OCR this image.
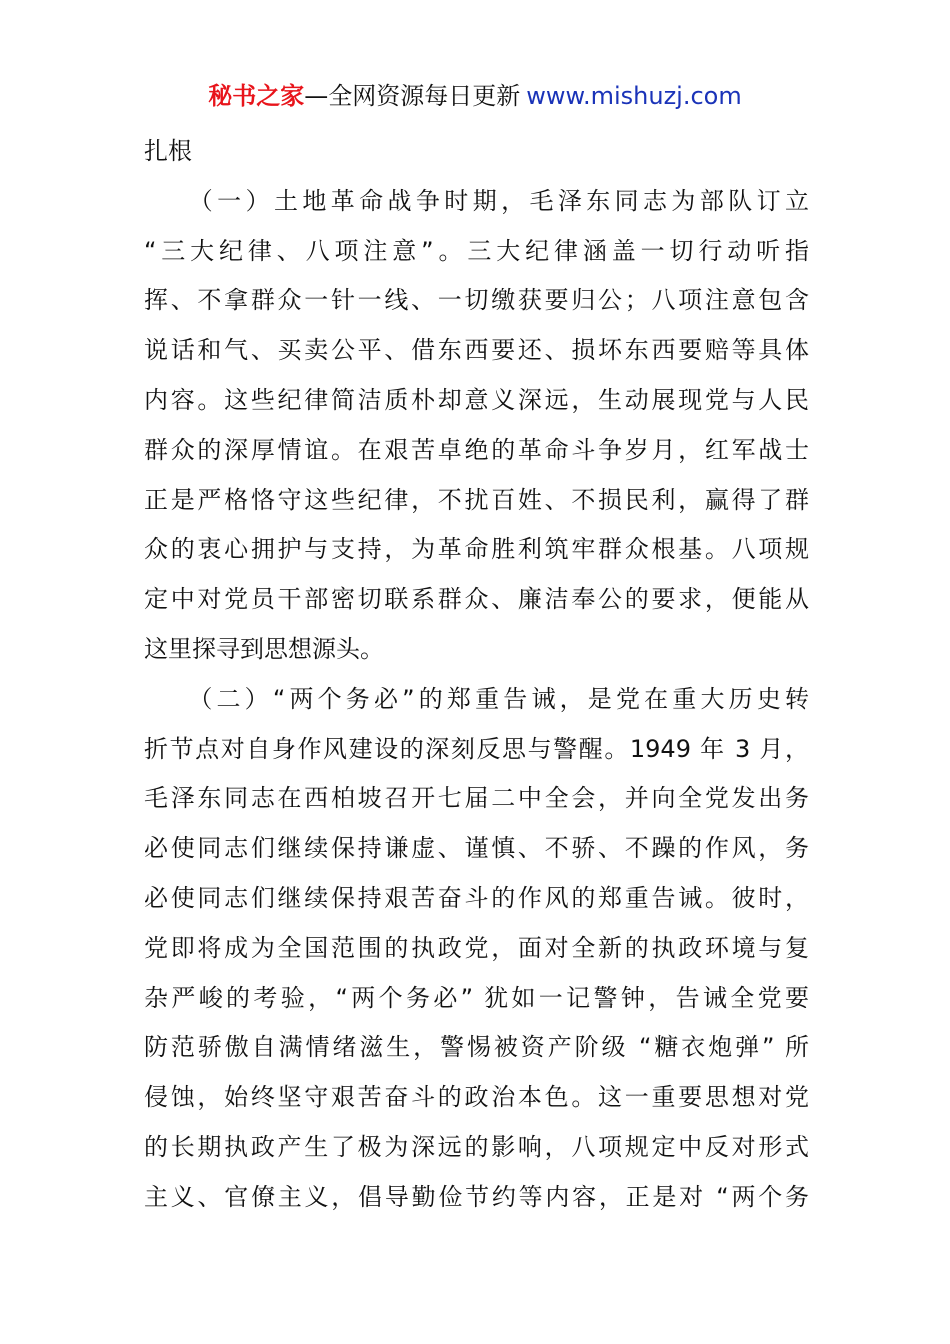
秘书之家—全网资源每日更新 www.mishuzj.com
扎根
　　（一）土地革命战争时期，毛泽东同志为部队订立
“三大纪律、八项注意”。三大纪律涵盖一切行动听指
挥、不拿群众一针一线、一切缴获要归公；八项注意包含
说话和气、买卖公平、借东西要还、损坏东西要赔等具体
内容。这些纪律简洁质朴却意义深远，生动展现党与人民
群众的深厚情谊。在艰苦卓绝的革命斗争岁月，红军战士
正是严格恪守这些纪律，不扰百姓、不损民利，赢得了群
众的衷心拥护与支持，为革命胜利筑牢群众根基。八项规
定中对党员干部密切联系群众、廉洁奉公的要求，便能从
这里探寻到思想源头。
　　（二）“两个务必”的郑重告诫，是党在重大历史转
折节点对自身作风建设的深刻反思与警醒。1949 年 3 月，
毛泽东同志在西柏坡召开七届二中全会，并向全党发出务
必使同志们继续保持谦虚、谨慎、不骄、不躁的作风，务
必使同志们继续保持艰苦奋斗的作风的郑重告诫。彼时，
党即将成为全国范围的执政党，面对全新的执政环境与复
杂严峻的考验，“两个务必” 犹如一记警钟，告诫全党要
防范骄傲自满情绪滋生，警惕被资产阶级 “糖衣炮弹” 所
侵蚀，始终坚守艰苦奋斗的政治本色。这一重要思想对党
的长期执政产生了极为深远的影响，八项规定中反对形式
主义、官僚主义，倡导勤俭节约等内容，正是对 “两个务
